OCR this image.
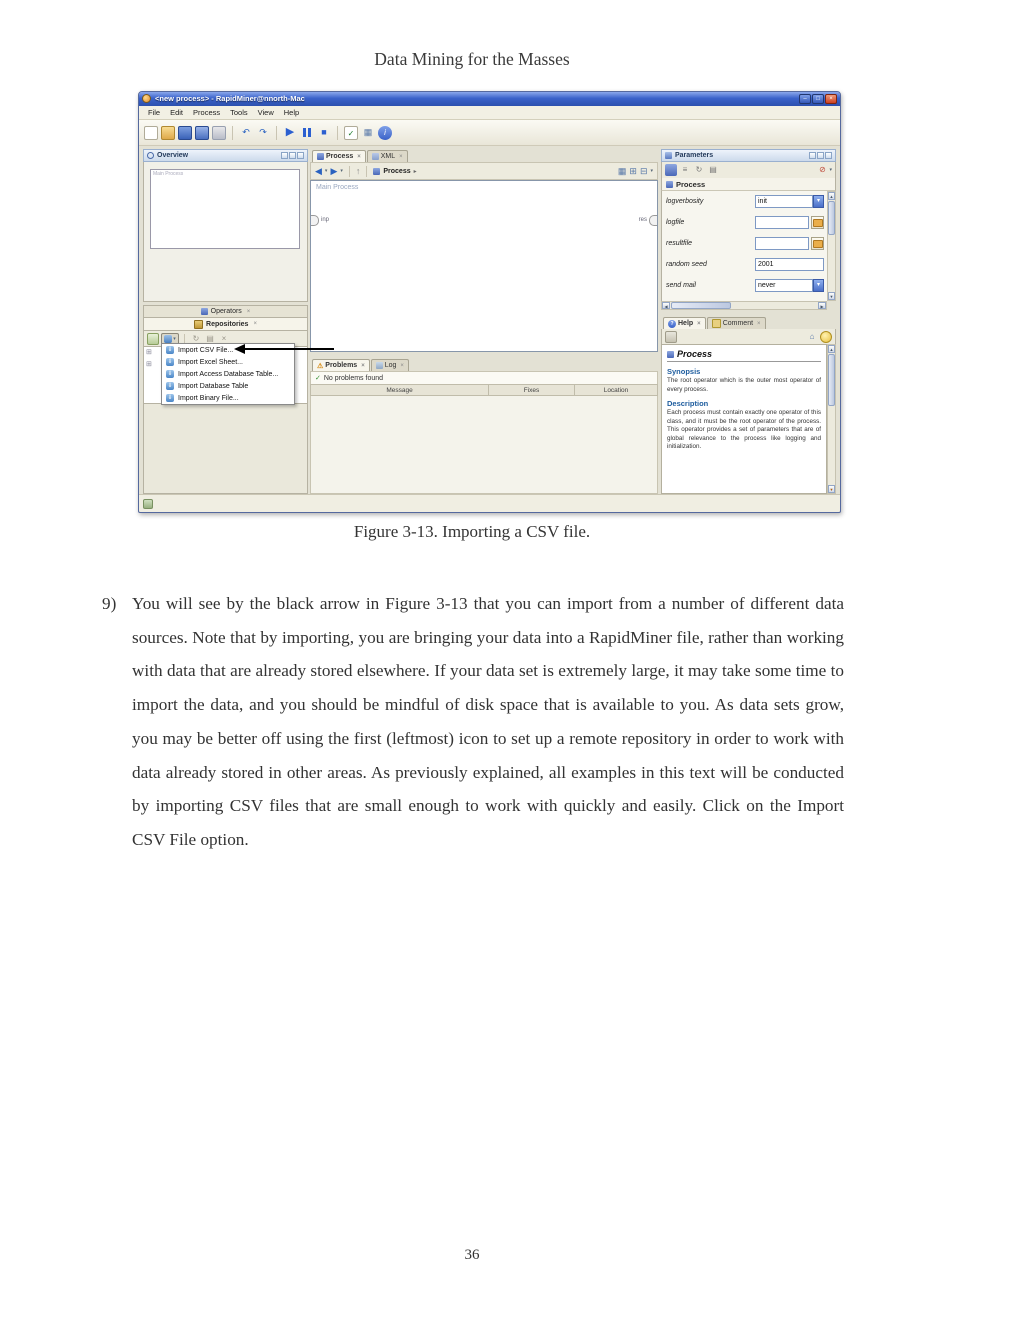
Data Mining for the Masses
<new process> - RapidMiner@nnorth-Mac	–	□	×
File	Edit	Process	Tools	View	Help
↶	↷ ▶	■	✓	▦	i
Overview
Main Process
Operators ×
Repositories ×
▾	↻ ▤ ×
⊞
⊞
⇓ Import CSV File...
⇓ Import Excel Sheet...
⇓ Import Access Database Table...
⇓ Import Database Table
⇓ Import Binary File...
Process ×	XML ×
◀ ▾ ▶ ▾ ↑	Process ▸	▦ ⊞ ⊟ ▾
Main Process
inp	res
⚠ Problems ×	Log ×
✓ No problems found
Message	Fixes	Location
Parameters
≡	↻ ▤	⊘ ▾
Process
logverbosity	init	▾
logfile
resultfile
random seed	2001
send mail	never	▾
▲
▼
◀	▶
? Help ×	Comment ×
⌂
Process
Synopsis
The root operator which is the outer most operator of every process.
Description
Each process must contain exactly one operator of this class, and it must be the root operator of the process. This operator provides a set of parameters that are of global relevance to the process like logging and initialization.
▲
▼
Figure 3-13. Importing a CSV file.
9) You will see by the black arrow in Figure 3-13 that you can import from a number of different data sources. Note that by importing, you are bringing your data into a RapidMiner file, rather than working with data that are already stored elsewhere. If your data set is extremely large, it may take some time to import the data, and you should be mindful of disk space that is available to you. As data sets grow, you may be better off using the first (leftmost) icon to set up a remote repository in order to work with data already stored in other areas. As previously explained, all examples in this text will be conducted by importing CSV files that are small enough to work with quickly and easily. Click on the Import CSV File option.
36
